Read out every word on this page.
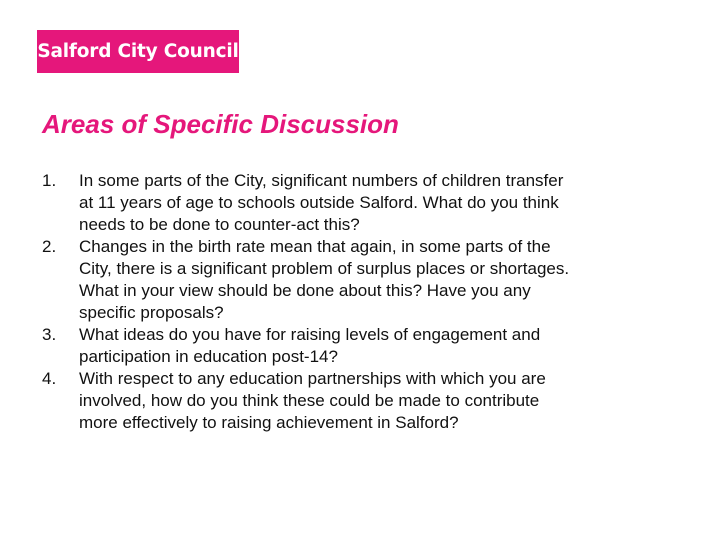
Salford City Council
Areas of Specific Discussion
1.	In some parts of the City, significant numbers of children transfer
at 11 years of age to schools outside Salford. What do you think
needs to be done to counter-act this?
2.	Changes in the birth rate mean that again, in some parts of the
City, there is a significant problem of surplus places or shortages.
What in your view should be done about this? Have you any
specific proposals?
3.	What ideas do you have for raising levels of engagement and
participation in education post-14?
4.	With respect to any education partnerships with which you are
involved, how do you think these could be made to contribute
more effectively to raising achievement in Salford?
